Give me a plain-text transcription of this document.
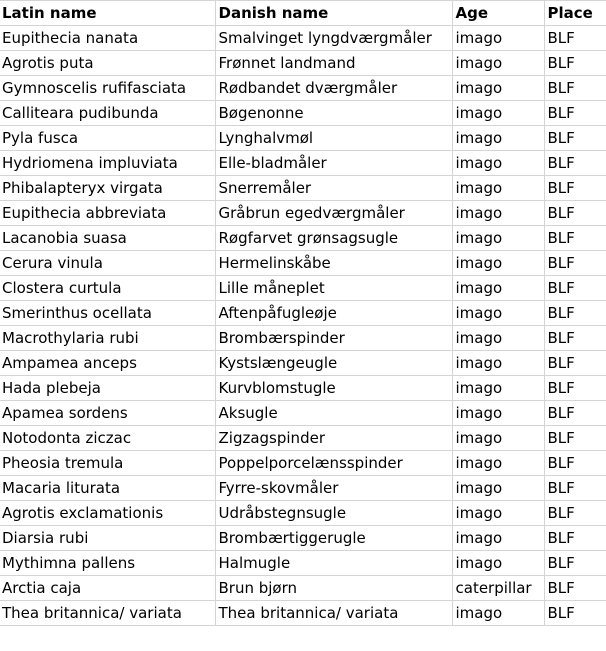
Latin name	Danish name	Age	Place
Eupithecia nanata	Smalvinget lyngdværgmåler	imago	BLF
Agrotis puta	Frønnet landmand	imago	BLF
Gymnoscelis rufifasciata	Rødbandet dværgmåler	imago	BLF
Calliteara pudibunda	Bøgenonne	imago	BLF
Pyla fusca	Lynghalvmøl	imago	BLF
Hydriomena impluviata	Elle-bladmåler	imago	BLF
Phibalapteryx virgata	Snerremåler	imago	BLF
Eupithecia abbreviata	Gråbrun egedværgmåler	imago	BLF
Lacanobia suasa	Røgfarvet grønsagsugle	imago	BLF
Cerura vinula	Hermelinskåbe	imago	BLF
Clostera curtula	Lille måneplet	imago	BLF
Smerinthus ocellata	Aftenpåfugleøje	imago	BLF
Macrothylaria rubi	Brombærspinder	imago	BLF
Ampamea anceps	Kystslængeugle	imago	BLF
Hada plebeja	Kurvblomstugle	imago	BLF
Apamea sordens	Aksugle	imago	BLF
Notodonta ziczac	Zigzagspinder	imago	BLF
Pheosia tremula	Poppelporcelænsspinder	imago	BLF
Macaria liturata	Fyrre-skovmåler	imago	BLF
Agrotis exclamationis	Udråbstegnsugle	imago	BLF
Diarsia rubi	Brombærtiggerugle	imago	BLF
Mythimna pallens	Halmugle	imago	BLF
Arctia caja	Brun bjørn	caterpillar	BLF
Thea britannica/ variata	Thea britannica/ variata	imago	BLF
